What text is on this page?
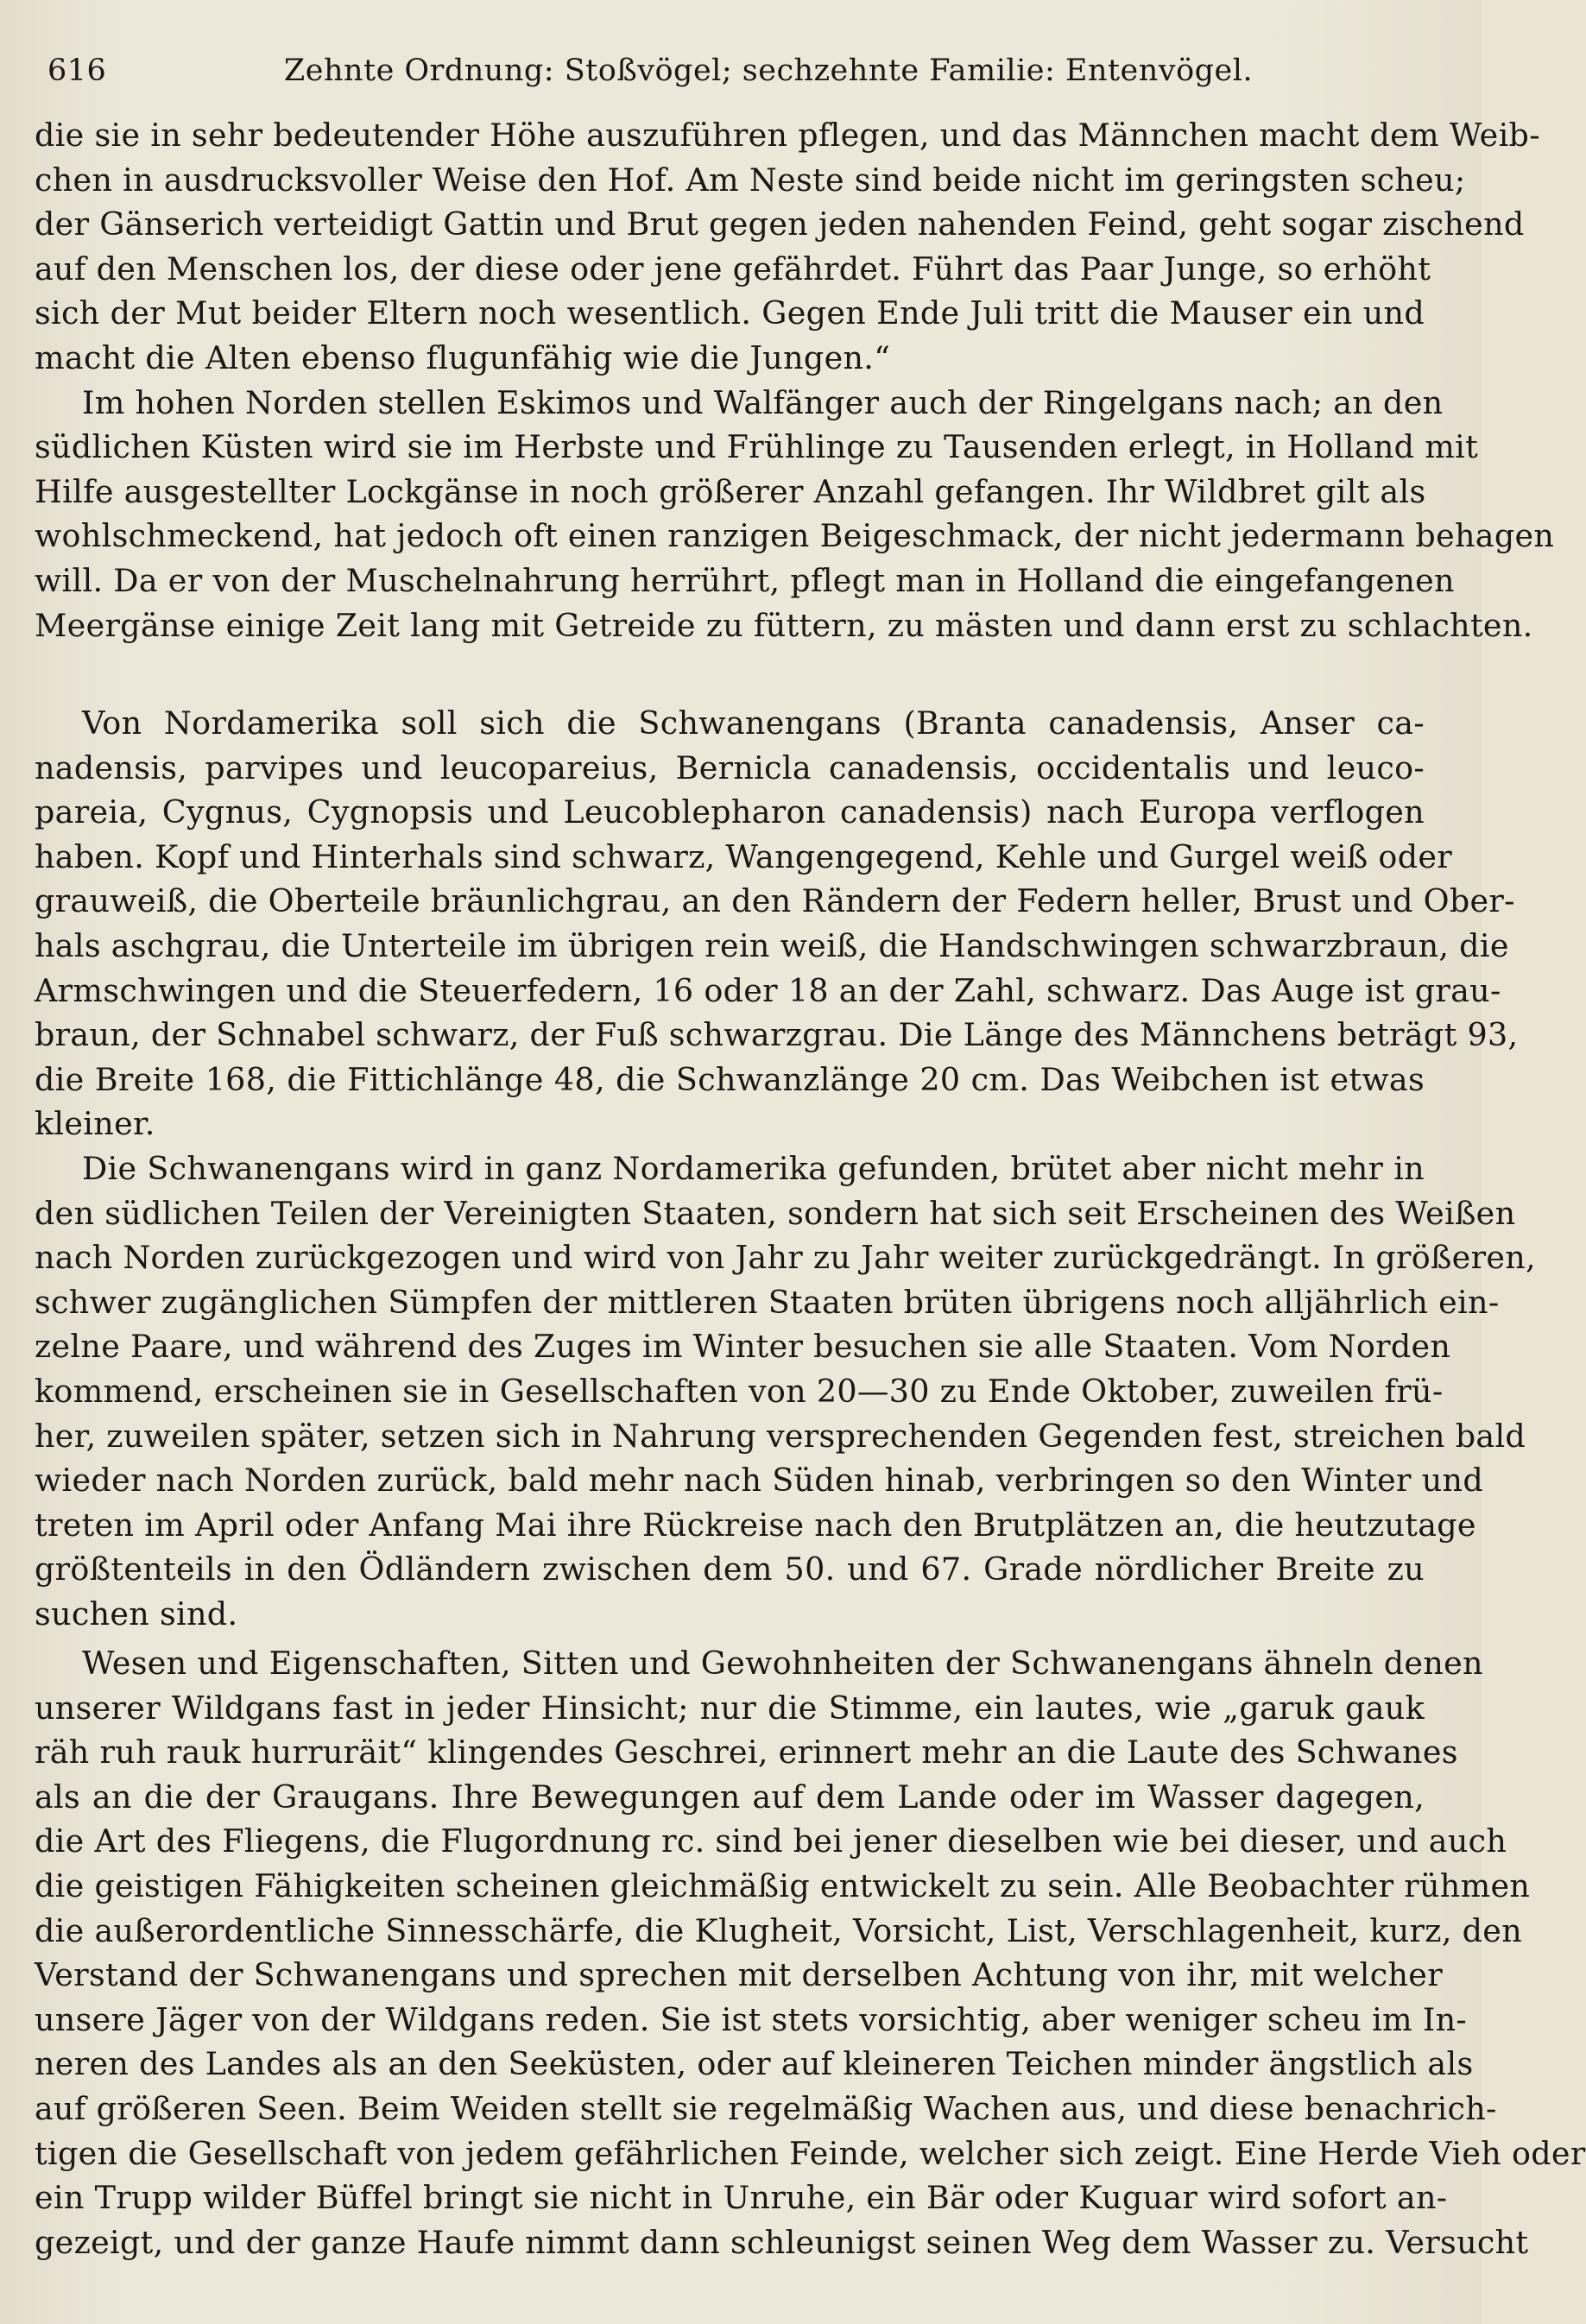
616	Zehnte Ordnung: Stoßvögel; sechzehnte Familie: Entenvögel.
die sie in sehr bedeutender Höhe auszuführen pflegen, und das Männchen macht dem Weib-
chen in ausdrucksvoller Weise den Hof. Am Neste sind beide nicht im geringsten scheu;
der Gänserich verteidigt Gattin und Brut gegen jeden nahenden Feind, geht sogar zischend
auf den Menschen los, der diese oder jene gefährdet. Führt das Paar Junge, so erhöht
sich der Mut beider Eltern noch wesentlich. Gegen Ende Juli tritt die Mauser ein und
macht die Alten ebenso flugunfähig wie die Jungen.“
Im hohen Norden stellen Eskimos und Walfänger auch der Ringelgans nach; an den
südlichen Küsten wird sie im Herbste und Frühlinge zu Tausenden erlegt, in Holland mit
Hilfe ausgestellter Lockgänse in noch größerer Anzahl gefangen. Ihr Wildbret gilt als
wohlschmeckend, hat jedoch oft einen ranzigen Beigeschmack, der nicht jedermann behagen
will. Da er von der Muschelnahrung herrührt, pflegt man in Holland die eingefangenen
Meergänse einige Zeit lang mit Getreide zu füttern, zu mästen und dann erst zu schlachten.
Von Nordamerika soll sich die Schwanengans (Branta canadensis, Anser ca-
nadensis, parvipes und leucopareius, Bernicla canadensis, occidentalis und leuco-
pareia, Cygnus, Cygnopsis und Leucoblepharon canadensis) nach Europa verflogen
haben. Kopf und Hinterhals sind schwarz, Wangengegend, Kehle und Gurgel weiß oder
grauweiß, die Oberteile bräunlichgrau, an den Rändern der Federn heller, Brust und Ober-
hals aschgrau, die Unterteile im übrigen rein weiß, die Handschwingen schwarzbraun, die
Armschwingen und die Steuerfedern, 16 oder 18 an der Zahl, schwarz. Das Auge ist grau-
braun, der Schnabel schwarz, der Fuß schwarzgrau. Die Länge des Männchens beträgt 93,
die Breite 168, die Fittichlänge 48, die Schwanzlänge 20 cm. Das Weibchen ist etwas
kleiner.
Die Schwanengans wird in ganz Nordamerika gefunden, brütet aber nicht mehr in
den südlichen Teilen der Vereinigten Staaten, sondern hat sich seit Erscheinen des Weißen
nach Norden zurückgezogen und wird von Jahr zu Jahr weiter zurückgedrängt. In größeren,
schwer zugänglichen Sümpfen der mittleren Staaten brüten übrigens noch alljährlich ein-
zelne Paare, und während des Zuges im Winter besuchen sie alle Staaten. Vom Norden
kommend, erscheinen sie in Gesellschaften von 20—30 zu Ende Oktober, zuweilen frü-
her, zuweilen später, setzen sich in Nahrung versprechenden Gegenden fest, streichen bald
wieder nach Norden zurück, bald mehr nach Süden hinab, verbringen so den Winter und
treten im April oder Anfang Mai ihre Rückreise nach den Brutplätzen an, die heutzutage
größtenteils in den Ödländern zwischen dem 50. und 67. Grade nördlicher Breite zu
suchen sind.
Wesen und Eigenschaften, Sitten und Gewohnheiten der Schwanengans ähneln denen
unserer Wildgans fast in jeder Hinsicht; nur die Stimme, ein lautes, wie „garuk gauk
räh ruh rauk hurruräit“ klingendes Geschrei, erinnert mehr an die Laute des Schwanes
als an die der Graugans. Ihre Bewegungen auf dem Lande oder im Wasser dagegen,
die Art des Fliegens, die Flugordnung rc. sind bei jener dieselben wie bei dieser, und auch
die geistigen Fähigkeiten scheinen gleichmäßig entwickelt zu sein. Alle Beobachter rühmen
die außerordentliche Sinnesschärfe, die Klugheit, Vorsicht, List, Verschlagenheit, kurz, den
Verstand der Schwanengans und sprechen mit derselben Achtung von ihr, mit welcher
unsere Jäger von der Wildgans reden. Sie ist stets vorsichtig, aber weniger scheu im In-
neren des Landes als an den Seeküsten, oder auf kleineren Teichen minder ängstlich als
auf größeren Seen. Beim Weiden stellt sie regelmäßig Wachen aus, und diese benachrich-
tigen die Gesellschaft von jedem gefährlichen Feinde, welcher sich zeigt. Eine Herde Vieh oder
ein Trupp wilder Büffel bringt sie nicht in Unruhe, ein Bär oder Kuguar wird sofort an-
gezeigt, und der ganze Haufe nimmt dann schleunigst seinen Weg dem Wasser zu. Versucht
